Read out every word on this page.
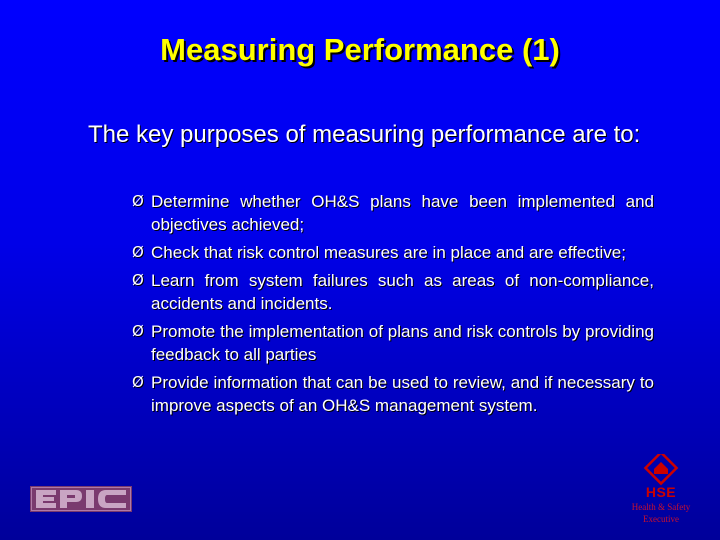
Measuring Performance (1)
The key purposes of measuring performance are to:
Ø Determine whether OH&S plans have been implemented and objectives achieved;
Ø Check that risk control measures are in place and are effective;
Ø Learn from system failures such as areas of non-compliance, accidents and incidents.
Ø Promote the implementation of plans and risk controls by providing feedback to all parties
Ø Provide information that can be used to review, and if necessary to improve aspects of an OH&S management system.
HSE
Health & Safety
Executive
